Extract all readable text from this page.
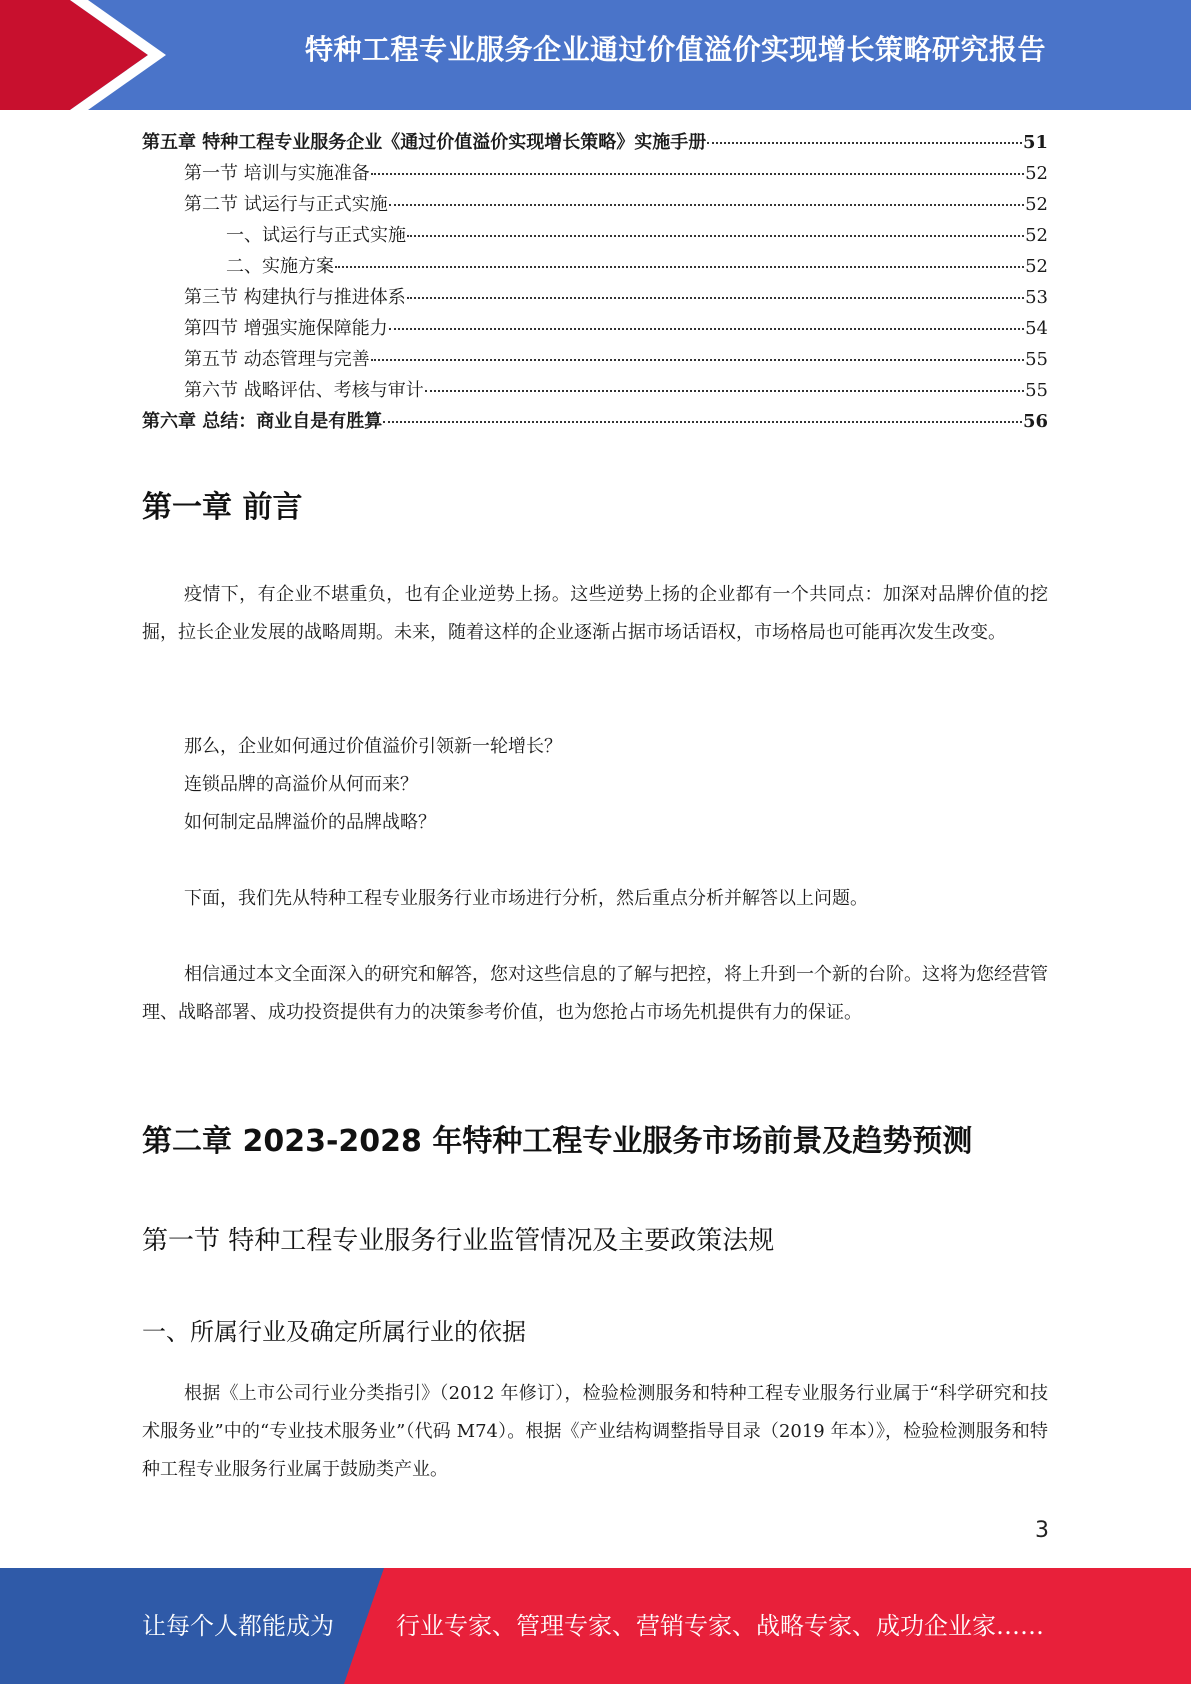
特种工程专业服务企业通过价值溢价实现增长策略研究报告
第五章 特种工程专业服务企业《通过价值溢价实现增长策略》实施手册	51
第一节 培训与实施准备	52
第二节 试运行与正式实施	52
一、试运行与正式实施	52
二、实施方案	52
第三节 构建执行与推进体系	53
第四节 增强实施保障能力	54
第五节 动态管理与完善	55
第六节 战略评估、考核与审计	55
第六章 总结：商业自是有胜算	56
第一章 前言
疫情下，有企业不堪重负，也有企业逆势上扬。这些逆势上扬的企业都有一个共同点：加深对品牌价值的挖掘，拉长企业发展的战略周期。未来，随着这样的企业逐渐占据市场话语权，市场格局也可能再次发生改变。
那么，企业如何通过价值溢价引领新一轮增长？
连锁品牌的高溢价从何而来？
如何制定品牌溢价的品牌战略？
下面，我们先从特种工程专业服务行业市场进行分析，然后重点分析并解答以上问题。
相信通过本文全面深入的研究和解答，您对这些信息的了解与把控，将上升到一个新的台阶。这将为您经营管理、战略部署、成功投资提供有力的决策参考价值，也为您抢占市场先机提供有力的保证。
第二章 2023-2028 年特种工程专业服务市场前景及趋势预测
第一节 特种工程专业服务行业监管情况及主要政策法规
一、所属行业及确定所属行业的依据
根据《上市公司行业分类指引》（2012 年修订），检验检测服务和特种工程专业服务行业属于“科学研究和技术服务业”中的“专业技术服务业”（代码 M74）。根据《产业结构调整指导目录（2019 年本）》，检验检测服务和特种工程专业服务行业属于鼓励类产业。
3
让每个人都能成为	行业专家、管理专家、营销专家、战略专家、成功企业家……
